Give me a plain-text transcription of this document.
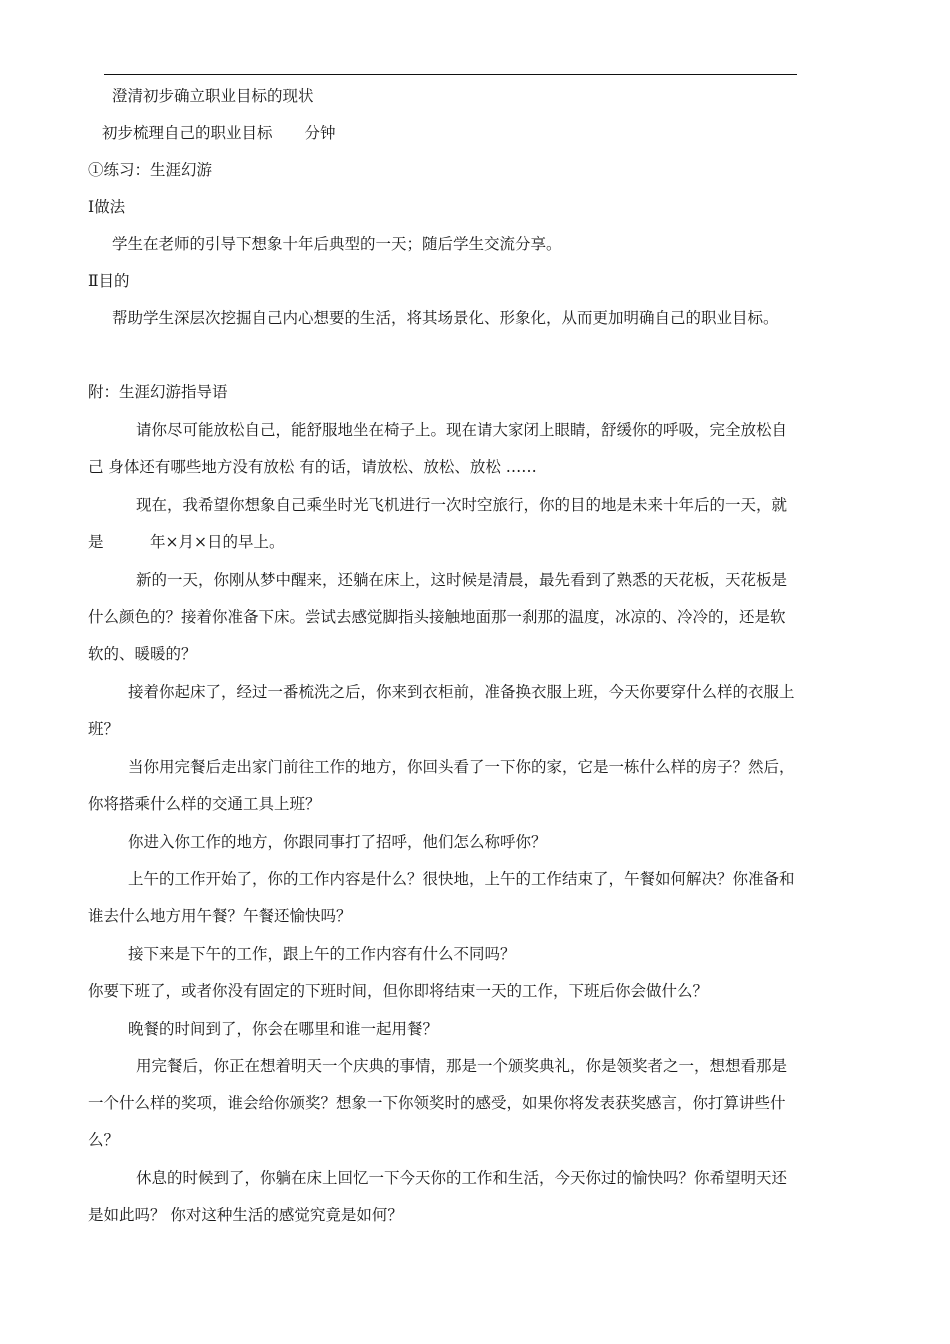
澄清初步确立职业目标的现状

初步梳理自己的职业目标 分钟

①练习：生涯幻游

Ⅰ做法

学生在老师的引导下想象十年后典型的一天；随后学生交流分享。

Ⅱ目的

帮助学生深层次挖掘自己内心想要的生活，将其场景化、形象化，从而更加明确自己的职业目标。

附：生涯幻游指导语

请你尽可能放松自己，能舒服地坐在椅子上。现在请大家闭上眼睛，舒缓你的呼吸，完全放松自己 身体还有哪些地方没有放松 有的话，请放松、放松、放松 ……

现在，我希望你想象自己乘坐时光飞机进行一次时空旅行，你的目的地是未来十年后的一天，就是　　　年×月×日的早上。

新的一天，你刚从梦中醒来，还躺在床上，这时候是清晨，最先看到了熟悉的天花板，天花板是什么颜色的？接着你准备下床。尝试去感觉脚指头接触地面那一刹那的温度，冰凉的、冷冷的，还是软软的、暖暖的？

接着你起床了，经过一番梳洗之后，你来到衣柜前，准备换衣服上班，今天你要穿什么样的衣服上班？

当你用完餐后走出家门前往工作的地方，你回头看了一下你的家，它是一栋什么样的房子？然后，你将搭乘什么样的交通工具上班？

你进入你工作的地方，你跟同事打了招呼，他们怎么称呼你？

上午的工作开始了，你的工作内容是什么？很快地，上午的工作结束了，午餐如何解决？你准备和谁去什么地方用午餐？午餐还愉快吗？

接下来是下午的工作，跟上午的工作内容有什么不同吗？

你要下班了，或者你没有固定的下班时间，但你即将结束一天的工作，下班后你会做什么？

晚餐的时间到了，你会在哪里和谁一起用餐？

用完餐后，你正在想着明天一个庆典的事情，那是一个颁奖典礼，你是领奖者之一，想想看那是一个什么样的奖项，谁会给你颁奖？想象一下你领奖时的感受，如果你将发表获奖感言，你打算讲些什么？

休息的时候到了，你躺在床上回忆一下今天你的工作和生活，今天你过的愉快吗？你希望明天还是如此吗？ 你对这种生活的感觉究竟是如何？
